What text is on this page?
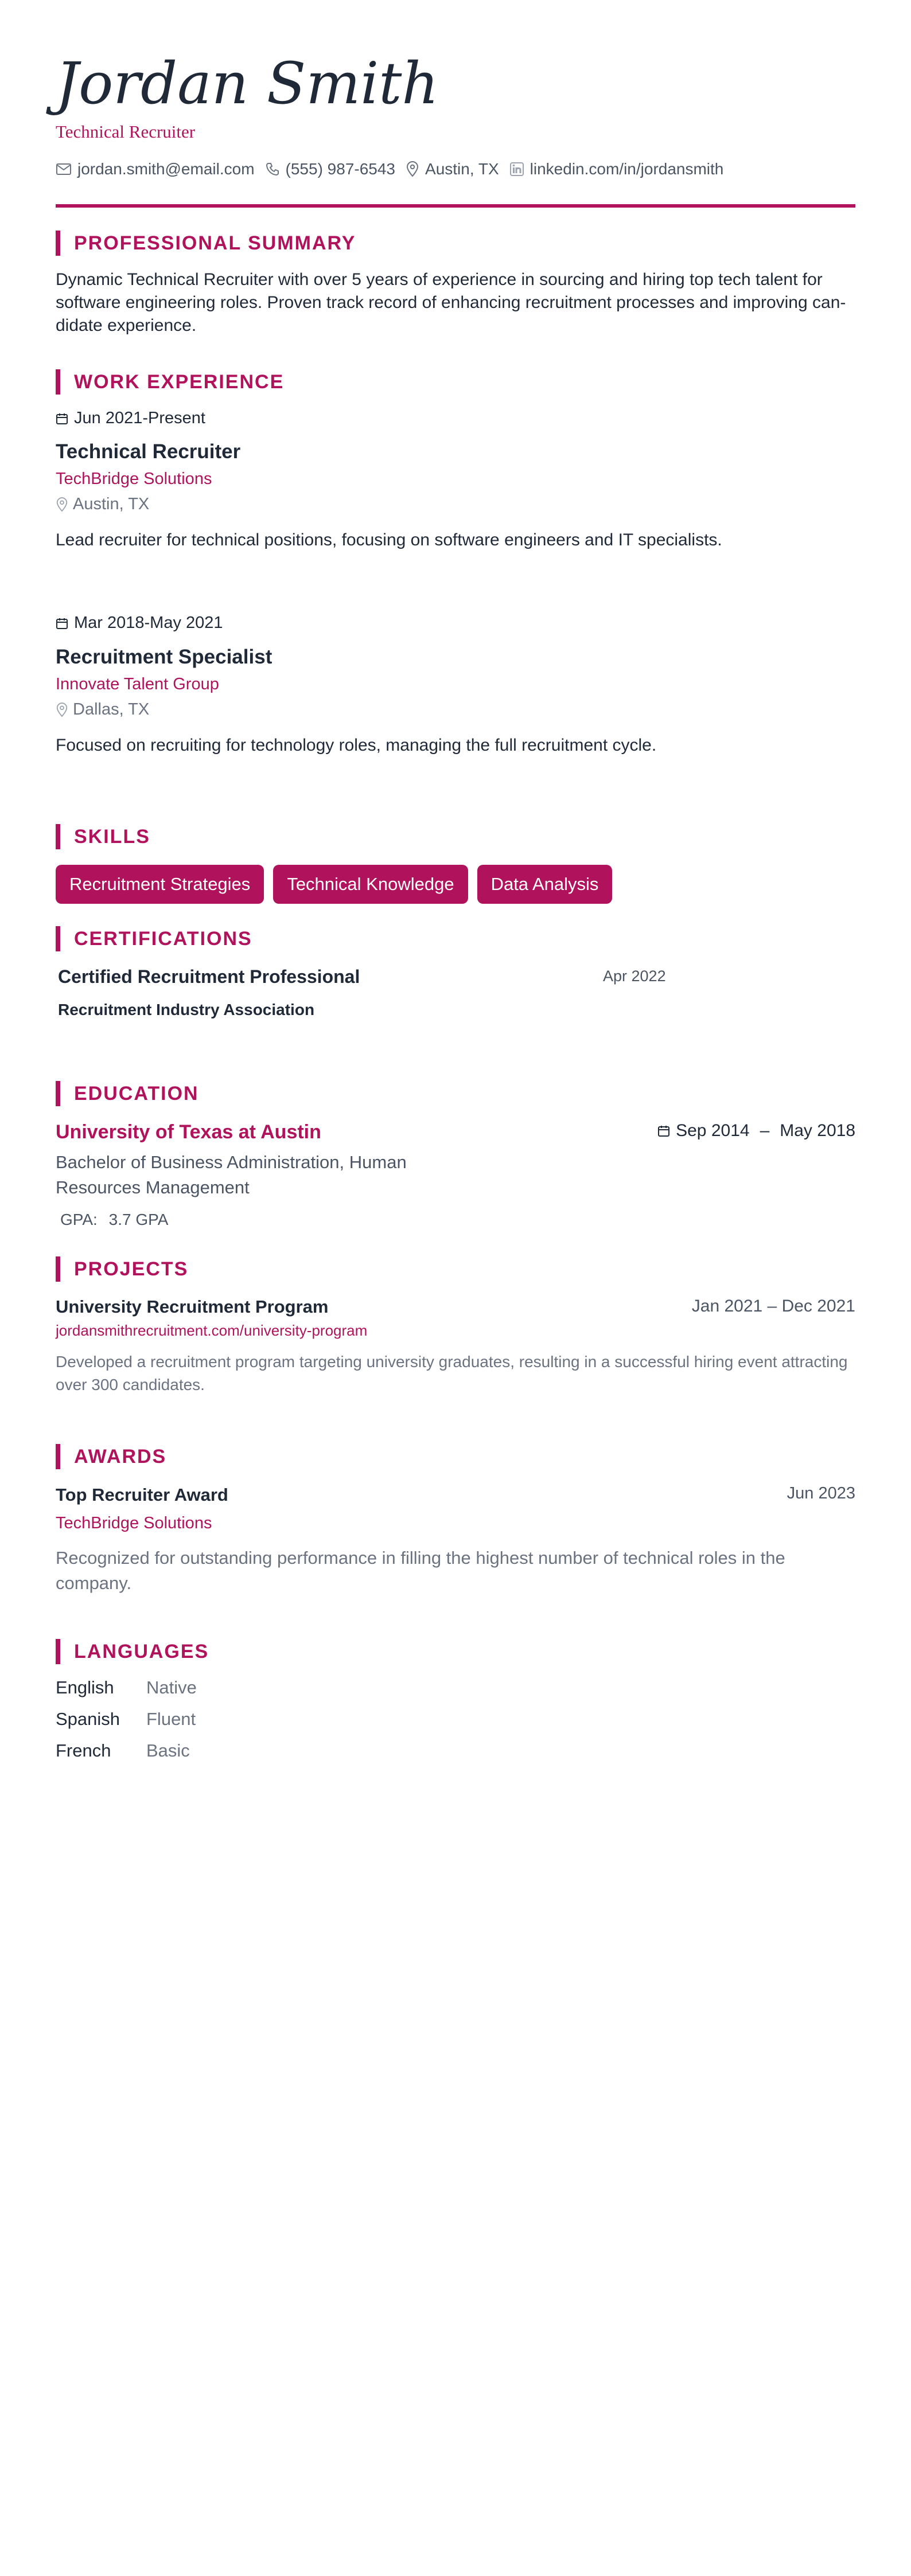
Jordan Smith
Technical Recruiter
jordan.smith@email.com (555) 987-6543 Austin, TX linkedin.com/in/jordansmith
PROFESSIONAL SUMMARY
Dynamic Technical Recruiter with over 5 years of experience in sourcing and hiring top tech talent for software engineering roles. Proven track record of enhancing recruitment processes and improving can-didate experience.
WORK EXPERIENCE
Jun 2021-Present
Technical Recruiter
TechBridge Solutions
Austin, TX
Lead recruiter for technical positions, focusing on software engineers and IT specialists.
Mar 2018-May 2021
Recruitment Specialist
Innovate Talent Group
Dallas, TX
Focused on recruiting for technology roles, managing the full recruitment cycle.
SKILLS
Recruitment Strategies	Technical Knowledge	Data Analysis
CERTIFICATIONS
Certified Recruitment Professional	Apr 2022
Recruitment Industry Association
EDUCATION
University of Texas at Austin	Sep 2014 – May 2018
Bachelor of Business Administration, Human Resources Management
GPA: 3.7 GPA
PROJECTS
University Recruitment Program	Jan 2021 – Dec 2021
jordansmithrecruitment.com/university-program
Developed a recruitment program targeting university graduates, resulting in a successful hiring event attracting over 300 candidates.
AWARDS
Top Recruiter Award	Jun 2023
TechBridge Solutions
Recognized for outstanding performance in filling the highest number of technical roles in the company.
LANGUAGES
English	Native
Spanish	Fluent
French	Basic
